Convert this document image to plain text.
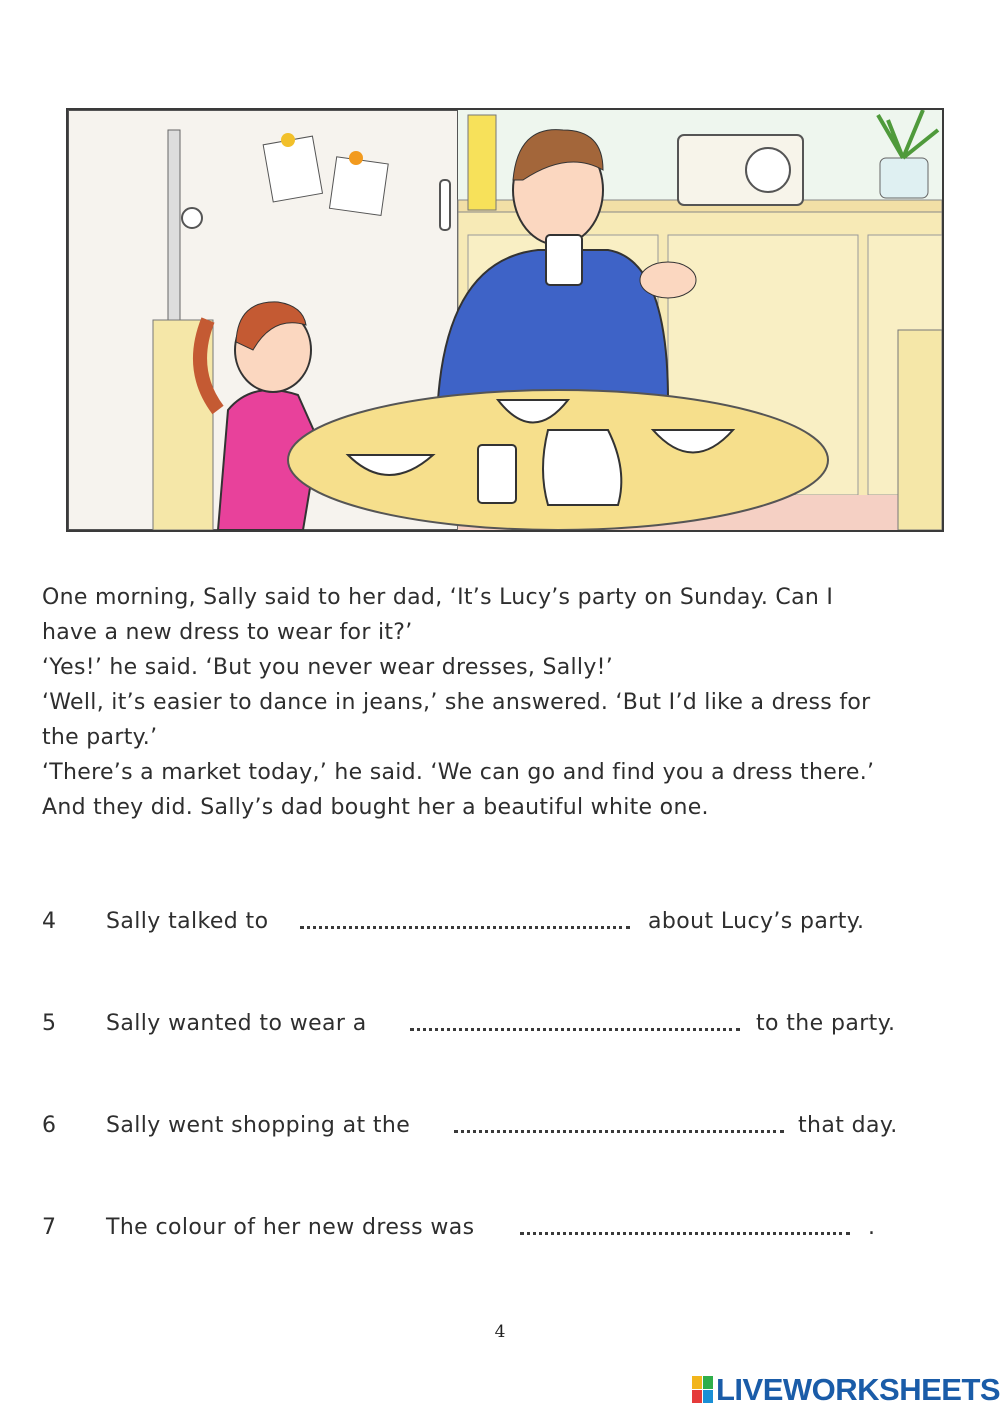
One morning, Sally said to her dad, ‘It’s Lucy’s party on Sunday. Can I

have a new dress to wear for it?’

‘Yes!’ he said. ‘But you never wear dresses, Sally!’

‘Well, it’s easier to dance in jeans,’ she answered. ‘But I’d like a dress for

the party.’

‘There’s a market today,’ he said. ‘We can go and find you a dress there.’

And they did. Sally’s dad bought her a beautiful white one.

4 Sally talked to	about Lucy’s party.
5 Sally wanted to wear a	to the party.
6 Sally went shopping at the	that day.
7 The colour of her new dress was	.
4
LIVEWORKSHEETS
